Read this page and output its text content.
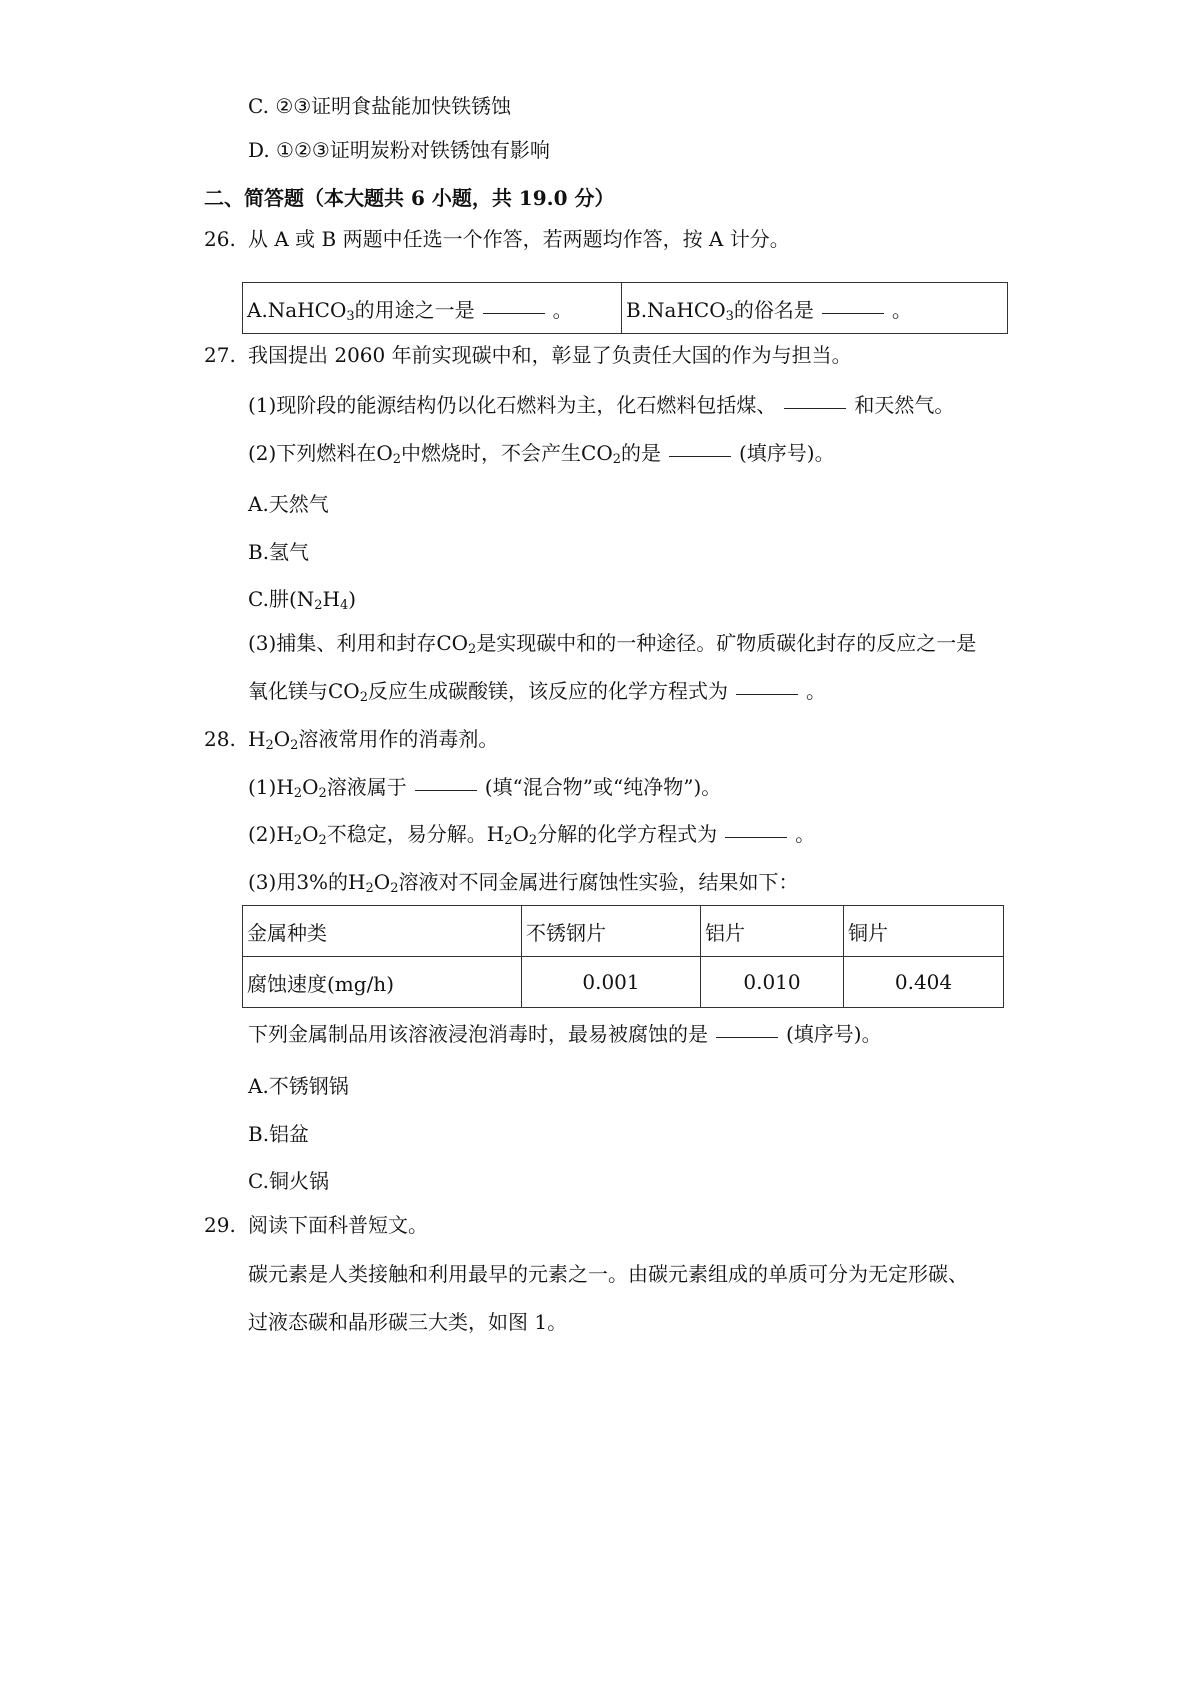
C. ②③证明食盐能加快铁锈蚀
D. ①②③证明炭粉对铁锈蚀有影响
二、简答题（本大题共 6 小题，共 19.0 分）
26. 从 A 或 B 两题中任选一个作答，若两题均作答，按 A 计分。
A.NaHCO$_3$的用途之一是	。	B.NaHCO$_3$的俗名是	。
27. 我国提出 2060 年前实现碳中和，彰显了负责任大国的作为与担当。
(1)现阶段的能源结构仍以化石燃料为主，化石燃料包括煤、	和天然气。
(2)下列燃料在$O_2$中燃烧时，不会产生$CO_2$的是	(填序号)。
A.天然气
B.氢气
C.肼$(N_2H_4)$
(3)捕集、利用和封存$CO_2$是实现碳中和的一种途径。矿物质碳化封存的反应之一是
氧化镁与$CO_2$反应生成碳酸镁，该反应的化学方程式为	。
28. $H_2O_2$溶液常用作的消毒剂。
$(1)H_2O_2$溶液属于	(填“混合物”或“纯净物”)。
$(2)H_2O_2$不稳定，易分解。$H_2O_2$分解的化学方程式为	。
(3)用3%的$H_2O_2$溶液对不同金属进行腐蚀性实验，结果如下：
金属种类	不锈钢片	铝片	铜片
腐蚀速度(mg/h)	0.001	0.010	0.404
下列金属制品用该溶液浸泡消毒时，最易被腐蚀的是	(填序号)。
A.不锈钢锅
B.铝盆
C.铜火锅
29. 阅读下面科普短文。
碳元素是人类接触和利用最早的元素之一。由碳元素组成的单质可分为无定形碳、
过液态碳和晶形碳三大类，如图 1。
